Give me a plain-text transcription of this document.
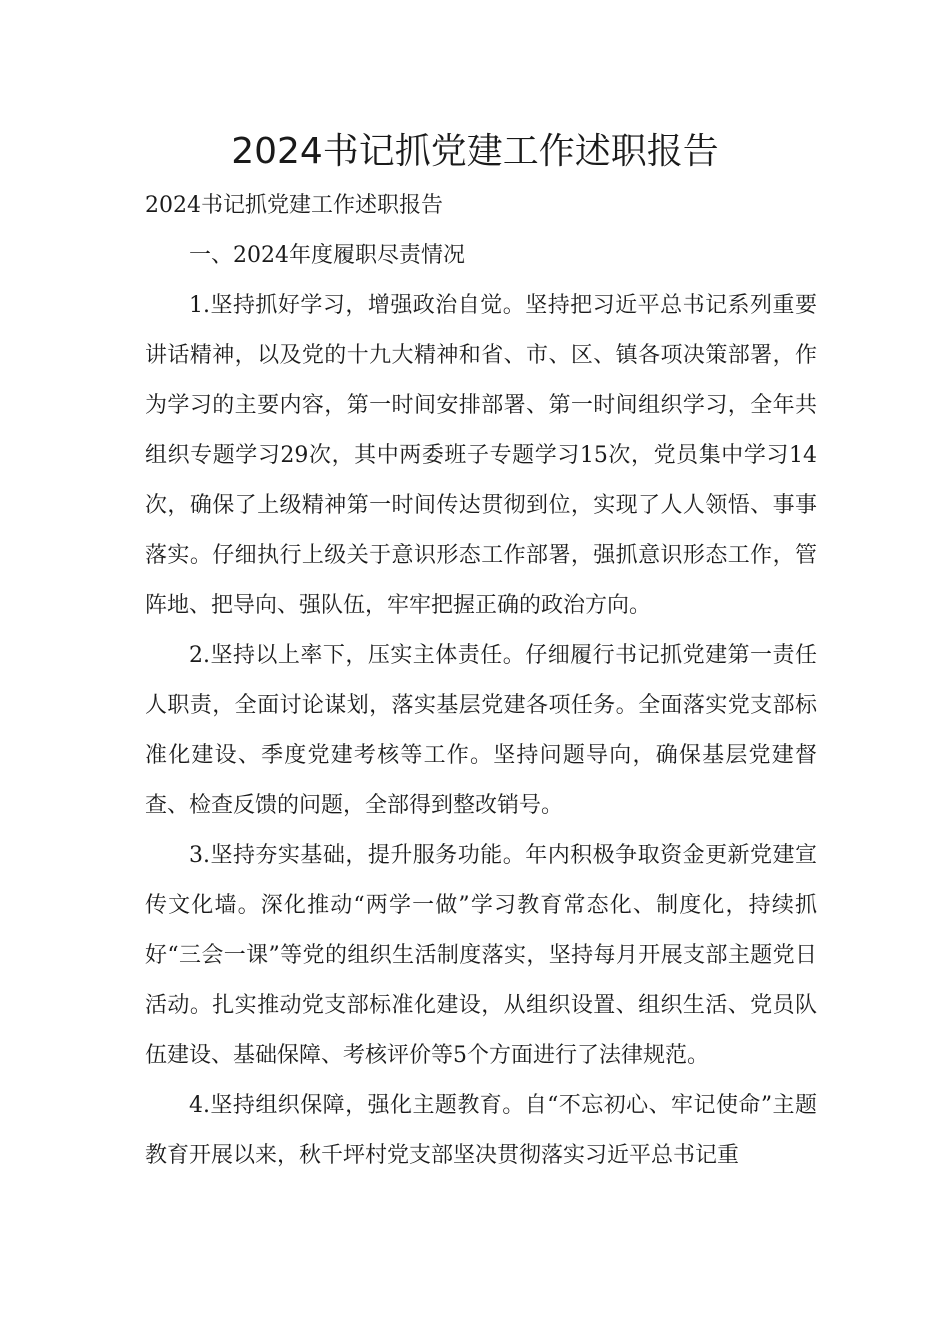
2024书记抓党建工作述职报告

2024书记抓党建工作述职报告

一、2024年度履职尽责情况

1.坚持抓好学习，增强政治自觉。坚持把习近平总书记系列重要讲话精神，以及党的十九大精神和省、市、区、镇各项决策部署，作为学习的主要内容，第一时间安排部署、第一时间组织学习，全年共组织专题学习29次，其中两委班子专题学习15次，党员集中学习14次，确保了上级精神第一时间传达贯彻到位，实现了人人领悟、事事落实。仔细执行上级关于意识形态工作部署，强抓意识形态工作，管阵地、把导向、强队伍，牢牢把握正确的政治方向。

2.坚持以上率下，压实主体责任。仔细履行书记抓党建第一责任人职责，全面讨论谋划，落实基层党建各项任务。全面落实党支部标准化建设、季度党建考核等工作。坚持问题导向，确保基层党建督查、检查反馈的问题，全部得到整改销号。

3.坚持夯实基础，提升服务功能。年内积极争取资金更新党建宣传文化墙。深化推动“两学一做”学习教育常态化、制度化，持续抓好“三会一课”等党的组织生活制度落实，坚持每月开展支部主题党日活动。扎实推动党支部标准化建设，从组织设置、组织生活、党员队伍建设、基础保障、考核评价等5个方面进行了法律规范。

4.坚持组织保障，强化主题教育。自“不忘初心、牢记使命”主题教育开展以来，秋千坪村党支部坚决贯彻落实习近平总书记重
